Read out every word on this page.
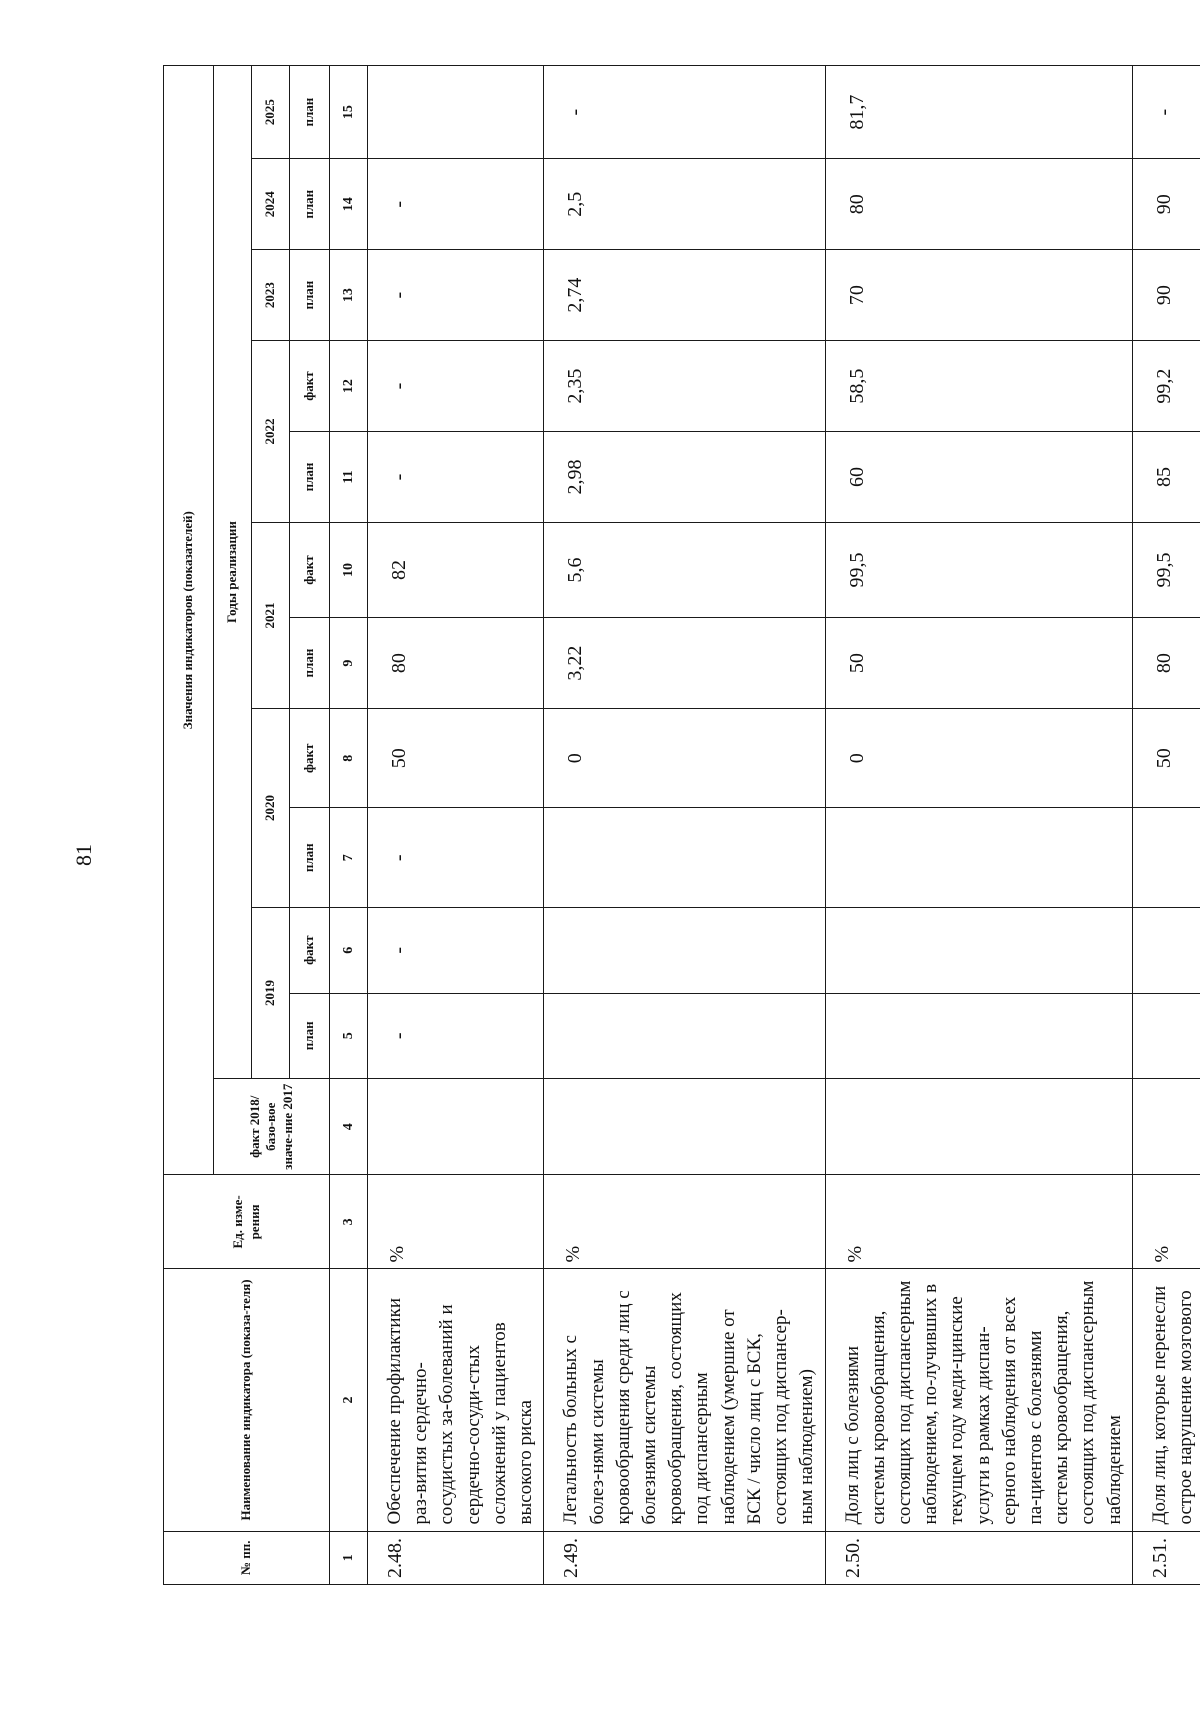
81
№ пп.	Наименование индикатора (показа-теля)	Ед. изме-рения	Значения индикаторов (показателей)											
			факт 2018/базо-вое значе-ние 2017	Годы реализации										
				2019		2020		2021		2022		2023	2024	2025
				план	факт	план	факт	план	факт	план	факт	план	план	план
1	2	3	4	5	6	7	8	9	10	11	12	13	14	15
2.48.	Обеспечение профилактики раз-вития сердечно-сосудистых за-болеваний и сердечно-сосуди-стых осложнений у пациентов высокого риска	%		-	-	-	50	80	82	-	-	-	-	
2.49.	Летальность больных с болез-нями системы кровообращения среди лиц с болезнями системы кровообращения, состоящих под диспансерным наблюдением (умершие от БСК / число лиц с БСК, состоящих под диспансер-ным наблюдением)	%					0	3,22	5,6	2,98	2,35	2,74	2,5	-
2.50.	Доля лиц с болезнями системы кровообращения, состоящих под диспансерным наблюдением, по-лучивших в текущем году меди-цинские услуги в рамках диспан-серного наблюдения от всех па-циентов с болезнями системы кровообращения, состоящих под диспансерным наблюдением	%					0	50	99,5	60	58,5	70	80	81,7
2.51.	Доля лиц, которые перенесли острое нарушение мозгового	%					50	80	99,5	85	99,2	90	90	-
